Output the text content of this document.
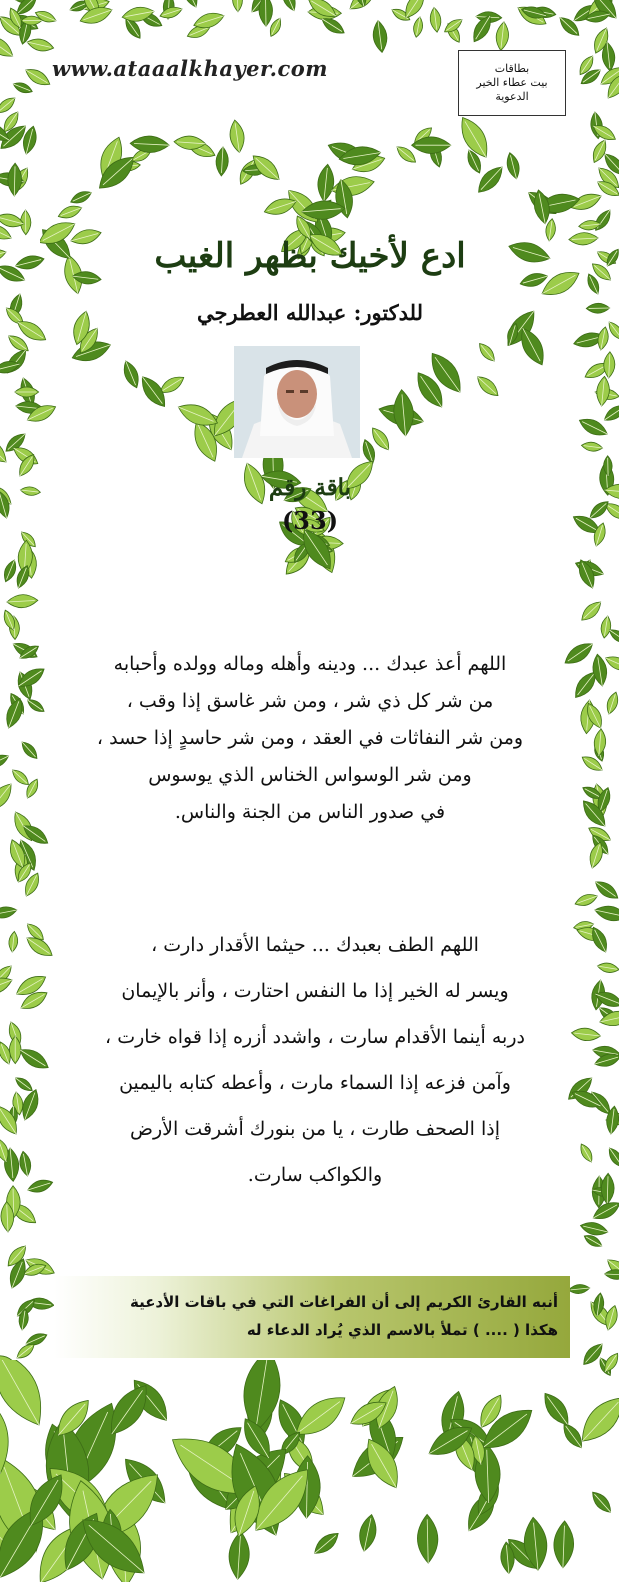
www.ataaalkhayer.com	بطاقات
بيت عطاء الخير
الدعوية
ادع لأخيك بظهر الغيب
للدكتور: عبدالله العطرجي
باقة رقم
(33)
اللهم أعذ عبدك ... ودينه وأهله وماله وولده وأحبابه
من شر كل ذي شر ، ومن شر غاسق إذا وقب ،
ومن شر النفاثات في العقد ، ومن شر حاسدٍ إذا حسد ،
ومن شر الوسواس الخناس الذي يوسوس
في صدور الناس من الجنة والناس.
اللهم الطف بعبدك ... حيثما الأقدار دارت ،
ويسر له الخير إذا ما النفس احتارت ، وأنر بالإيمان
دربه أينما الأقدام سارت ، واشدد أزره إذا قواه خارت ،
وآمن فزعه إذا السماء مارت ، وأعطه كتابه باليمين
إذا الصحف طارت ، يا من بنورك أشرقت الأرض
والكواكب سارت.
أنبه القارئ الكريم إلى أن الفراغات التي في باقات الأدعية
هكذا ( .... ) تملأ بالاسم الذي يُراد الدعاء له
